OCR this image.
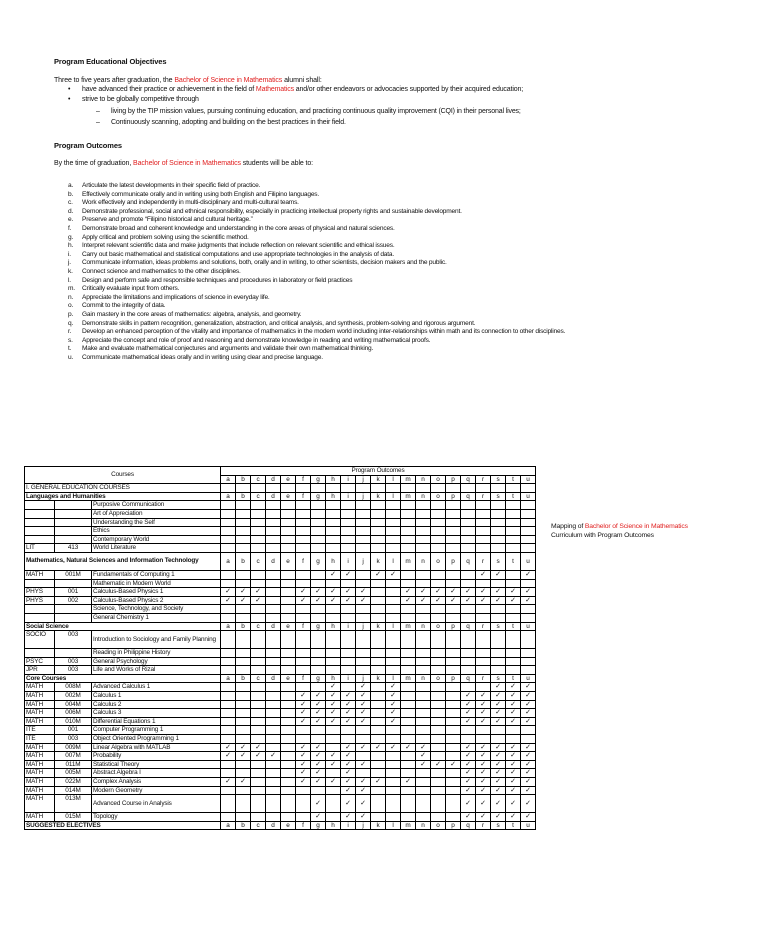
Program Educational Objectives
Three to five years after graduation, the Bachelor of Science in Mathematics alumni shall:
• have advanced their practice or achievement in the field of Mathematics and/or other endeavors or advocacies supported by their acquired education;
• strive to be globally competitive through
– living by the TIP mission values, pursuing continuing education, and practicing continuous quality improvement (CQI) in their personal lives;
– Continuously scanning, adopting and building on the best practices in their field.
Program Outcomes
By the time of graduation, Bachelor of Science in Mathematics students will be able to:
a. Articulate the latest developments in their specific field of practice.
b. Effectively communicate orally and in writing using both English and Filipino languages.
c. Work effectively and independently in multi-disciplinary and multi-cultural teams.
d. Demonstrate professional, social and ethnical responsibility, especially in practicing intellectual property rights and sustainable development.
e. Preserve and promote “Filipino historical and cultural heritage.”
f. Demonstrate broad and coherent knowledge and understanding in the core areas of physical and natural sciences.
g. Apply critical and problem solving using the scientific method.
h. Interpret relevant scientific data and make judgments that include reflection on relevant scientific and ethical issues.
i. Carry out basic mathematical and statistical computations and use appropriate technologies in the analysis of data.
j. Communicate information, ideas problems and solutions, both, orally and in writing, to other scientists, decision makers and the public.
k. Connect science and mathematics to the other disciplines.
l. Design and perform safe and responsible techniques and procedures in laboratory or field practices
m. Critically evaluate input from others.
n. Appreciate the limitations and implications of science in everyday life.
o. Commit to the integrity of data.
p. Gain mastery in the core areas of mathematics: algebra, analysis, and geometry.
q. Demonstrate skills in pattern recognition, generalization, abstraction, and critical analysis, and synthesis, problem-solving and rigorous argument.
r. Develop an enhanced perception of the vitality and importance of mathematics in the modern world including inter-relationships within math and its connection to other disciplines.
s. Appreciate the concept and role of proof and reasoning and demonstrate knowledge in reading and writing mathematical proofs.
t. Make and evaluate mathematical conjectures and arguments and validate their own mathematical thinking.
u. Communicate mathematical ideas orally and in writing using clear and precise language.
Courses			Program Outcomes																				
			a	b	c	d	e	f	g	h	i	j	k	l	m	n	o	p	q	r	s	t	u
I. GENERAL EDUCATION COURSES																							
Languages and Humanities			a	b	c	d	e	f	g	h	i	j	k	l	m	n	o	p	q	r	s	t	u
		Purposive Communication																					
		Art of Appreciation																					
		Understanding the Self																					
		Ethics																					
		Contemporary World																					
LIT	413	World Literature																					
Mathematics, Natural Sciences and Information Technology			a	b	c	d	e	f	g	h	i	j	k	l	m	n	o	p	q	r	s	t	u
MATH	001M	Fundamentals of Computing 1								✓	✓		✓	✓						✓	✓		✓
		Mathematic in Modern World																					
PHYS	001	Calculus-Based Physics 1	✓	✓	✓			✓	✓	✓	✓	✓			✓	✓	✓	✓	✓	✓	✓	✓	✓
PHYS	002	Calculus-Based Physics 2	✓	✓	✓			✓	✓	✓	✓	✓			✓	✓	✓	✓	✓	✓	✓	✓	✓
		Science, Technology, and Society																					
		General Chemistry 1																					
Social Science			a	b	c	d	e	f	g	h	i	j	k	l	m	n	o	p	q	r	s	t	u
SOCIO	003	Introduction to Sociology and Family Planning																					
		Reading in Philippine History																					
PSYC	003	General Psychology																					
JPR	003	Life and Works of Rizal																					
Core Courses			a	b	c	d	e	f	g	h	i	j	k	l	m	n	o	p	q	r	s	t	u
MATH	008M	Advanced Calculus 1								✓		✓		✓							✓	✓	✓
MATH	002M	Calculus 1						✓	✓	✓	✓	✓		✓					✓	✓	✓	✓	✓
MATH	004M	Calculus 2						✓	✓	✓	✓	✓		✓					✓	✓	✓	✓	✓
MATH	006M	Calculus 3						✓	✓	✓	✓	✓		✓					✓	✓	✓	✓	✓
MATH	010M	Differential Equations 1						✓	✓	✓	✓	✓		✓					✓	✓	✓	✓	✓
ITE	001	Computer Programming 1																					
ITE	003	Object Oriented Programming 1																					
MATH	009M	Linear Algebra with MATLAB	✓	✓	✓			✓	✓		✓	✓	✓	✓	✓	✓			✓	✓	✓	✓	✓
MATH	007M	Probability	✓	✓	✓	✓		✓	✓	✓	✓					✓			✓	✓	✓	✓	✓
MATH	011M	Statistical Theory						✓	✓	✓	✓	✓				✓	✓	✓	✓	✓	✓	✓	✓
MATH	005M	Abstract Algebra I						✓	✓		✓								✓	✓	✓	✓	✓
MATH	022M	Complex Analysis	✓	✓				✓	✓	✓	✓	✓	✓		✓				✓	✓	✓	✓	✓
MATH	014M	Modern Geometry									✓	✓							✓	✓	✓	✓	✓
MATH	013M	Advanced Course in Analysis							✓		✓	✓							✓	✓	✓	✓	✓
MATH	015M	Topology							✓		✓	✓							✓	✓	✓	✓	✓
SUGGESTED ELECTIVES			a	b	c	d	e	f	g	h	i	j	k	l	m	n	o	p	q	r	s	t	u
Mapping of Bachelor of Science in Mathematics
Curriculum with Program Outcomes
